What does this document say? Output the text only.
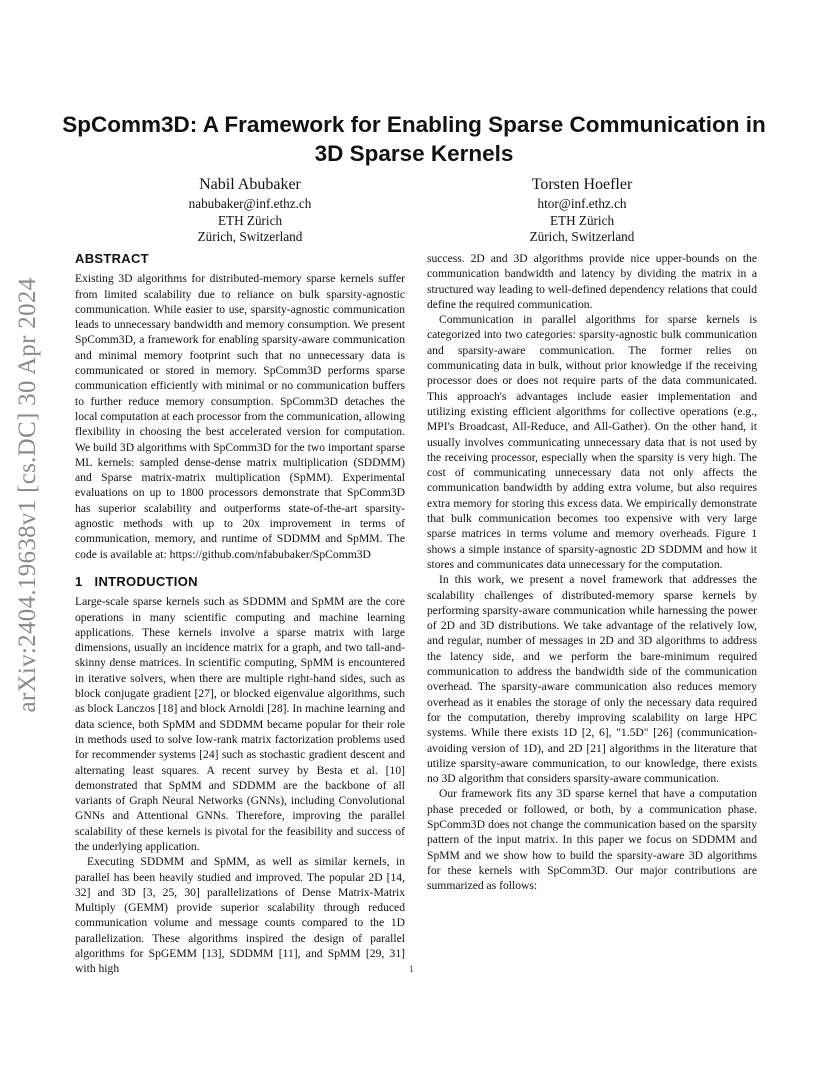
arXiv:2404.19638v1 [cs.DC] 30 Apr 2024
SpComm3D: A Framework for Enabling Sparse Communication in 3D Sparse Kernels
Nabil Abubaker
nabubaker@inf.ethz.ch
ETH Zürich
Zürich, Switzerland
Torsten Hoefler
htor@inf.ethz.ch
ETH Zürich
Zürich, Switzerland
ABSTRACT

Existing 3D algorithms for distributed-memory sparse kernels suffer from limited scalability due to reliance on bulk sparsity-agnostic communication. While easier to use, sparsity-agnostic communication leads to unnecessary bandwidth and memory consumption. We present SpComm3D, a framework for enabling sparsity-aware communication and minimal memory footprint such that no unnecessary data is communicated or stored in memory. SpComm3D performs sparse communication efficiently with minimal or no communication buffers to further reduce memory consumption. SpComm3D detaches the local computation at each processor from the communication, allowing flexibility in choosing the best accelerated version for computation. We build 3D algorithms with SpComm3D for the two important sparse ML kernels: sampled dense-dense matrix multiplication (SDDMM) and Sparse matrix-matrix multiplication (SpMM). Experimental evaluations on up to 1800 processors demonstrate that SpComm3D has superior scalability and outperforms state-of-the-art sparsity-agnostic methods with up to 20x improvement in terms of communication, memory, and runtime of SDDMM and SpMM. The code is available at: https://github.com/nfabubaker/SpComm3D

1 INTRODUCTION

Large-scale sparse kernels such as SDDMM and SpMM are the core operations in many scientific computing and machine learning applications. These kernels involve a sparse matrix with large dimensions, usually an incidence matrix for a graph, and two tall-and-skinny dense matrices. In scientific computing, SpMM is encountered in iterative solvers, when there are multiple right-hand sides, such as block conjugate gradient [27], or blocked eigenvalue algorithms, such as block Lanczos [18] and block Arnoldi [28]. In machine learning and data science, both SpMM and SDDMM became popular for their role in methods used to solve low-rank matrix factorization problems used for recommender systems [24] such as stochastic gradient descent and alternating least squares. A recent survey by Besta et al. [10] demonstrated that SpMM and SDDMM are the backbone of all variants of Graph Neural Networks (GNNs), including Convolutional GNNs and Attentional GNNs. Therefore, improving the parallel scalability of these kernels is pivotal for the feasibility and success of the underlying application.

Executing SDDMM and SpMM, as well as similar kernels, in parallel has been heavily studied and improved. The popular 2D [14, 32] and 3D [3, 25, 30] parallelizations of Dense Matrix-Matrix Multiply (GEMM) provide superior scalability through reduced communication volume and message counts compared to the 1D parallelization. These algorithms inspired the design of parallel algorithms for SpGEMM [13], SDDMM [11], and SpMM [29, 31] with high

success. 2D and 3D algorithms provide nice upper-bounds on the communication bandwidth and latency by dividing the matrix in a structured way leading to well-defined dependency relations that could define the required communication.

Communication in parallel algorithms for sparse kernels is categorized into two categories: sparsity-agnostic bulk communication and sparsity-aware communication. The former relies on communicating data in bulk, without prior knowledge if the receiving processor does or does not require parts of the data communicated. This approach's advantages include easier implementation and utilizing existing efficient algorithms for collective operations (e.g., MPI's Broadcast, All-Reduce, and All-Gather). On the other hand, it usually involves communicating unnecessary data that is not used by the receiving processor, especially when the sparsity is very high. The cost of communicating unnecessary data not only affects the communication bandwidth by adding extra volume, but also requires extra memory for storing this excess data. We empirically demonstrate that bulk communication becomes too expensive with very large sparse matrices in terms volume and memory overheads. Figure 1 shows a simple instance of sparsity-agnostic 2D SDDMM and how it stores and communicates data unnecessary for the computation.

In this work, we present a novel framework that addresses the scalability challenges of distributed-memory sparse kernels by performing sparsity-aware communication while harnessing the power of 2D and 3D distributions. We take advantage of the relatively low, and regular, number of messages in 2D and 3D algorithms to address the latency side, and we perform the bare-minimum required communication to address the bandwidth side of the communication overhead. The sparsity-aware communication also reduces memory overhead as it enables the storage of only the necessary data required for the computation, thereby improving scalability on large HPC systems. While there exists 1D [2, 6], "1.5D" [26] (communication-avoiding version of 1D), and 2D [21] algorithms in the literature that utilize sparsity-aware communication, to our knowledge, there exists no 3D algorithm that considers sparsity-aware communication.

Our framework fits any 3D sparse kernel that have a computation phase preceded or followed, or both, by a communication phase. SpComm3D does not change the communication based on the sparsity pattern of the input matrix. In this paper we focus on SDDMM and SpMM and we show how to build the sparsity-aware 3D algorithms for these kernels with SpComm3D. Our major contributions are summarized as follows:

1
